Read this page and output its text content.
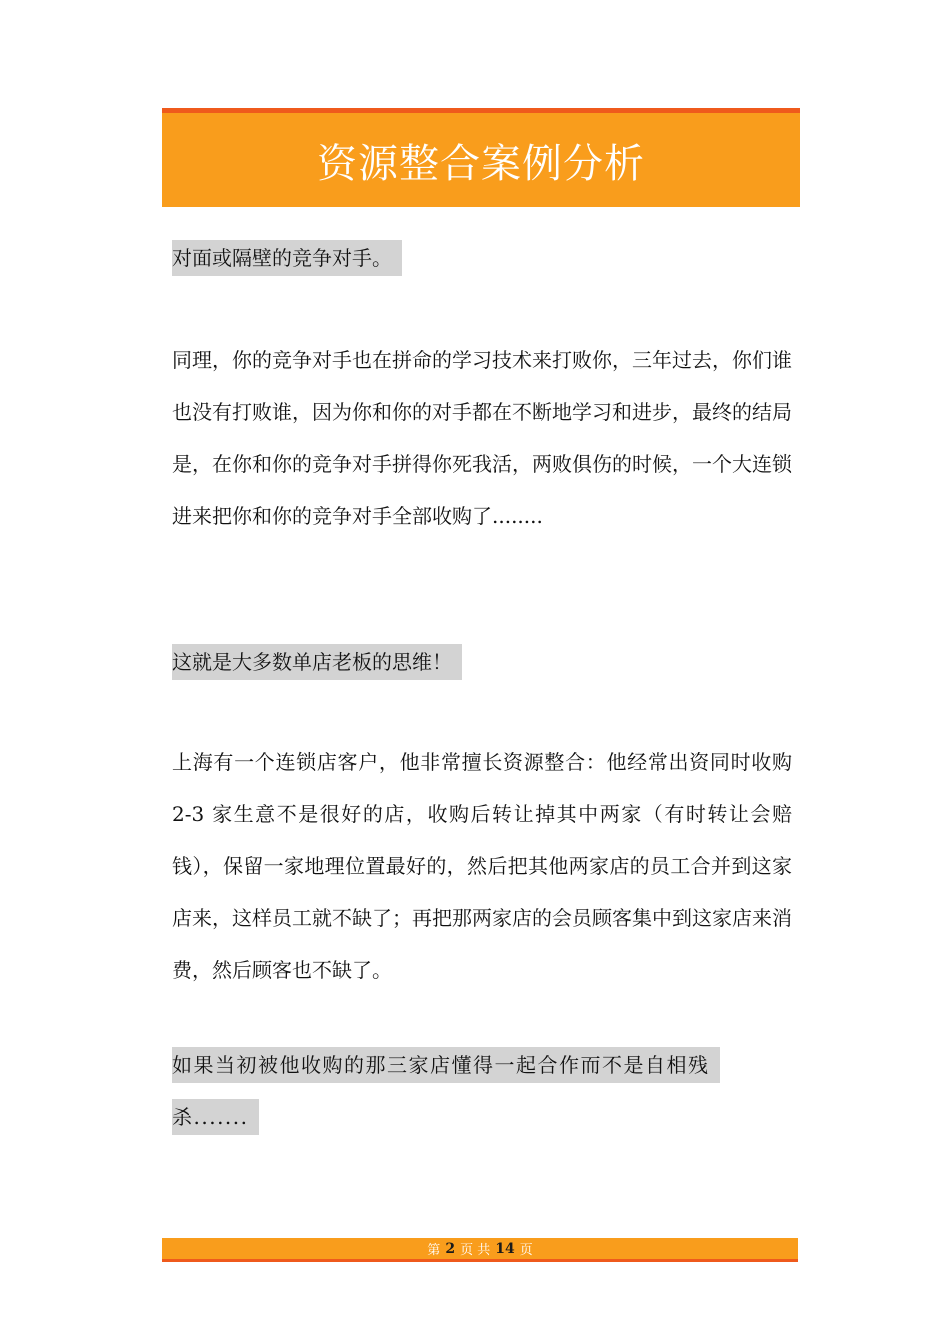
资源整合案例分析
对面或隔壁的竞争对手。
同理，你的竞争对手也在拼命的学习技术来打败你，三年过去，你们谁也没有打败谁，因为你和你的对手都在不断地学习和进步，最终的结局是，在你和你的竞争对手拼得你死我活，两败俱伤的时候，一个大连锁进来把你和你的竞争对手全部收购了........
这就是大多数单店老板的思维！
上海有一个连锁店客户，他非常擅长资源整合：他经常出资同时收购 2-3 家生意不是很好的店，收购后转让掉其中两家（有时转让会赔钱），保留一家地理位置最好的，然后把其他两家店的员工合并到这家店来，这样员工就不缺了；再把那两家店的会员顾客集中到这家店来消费，然后顾客也不缺了。
如果当初被他收购的那三家店懂得一起合作而不是自相残杀.......
第 2 页 共 14 页
